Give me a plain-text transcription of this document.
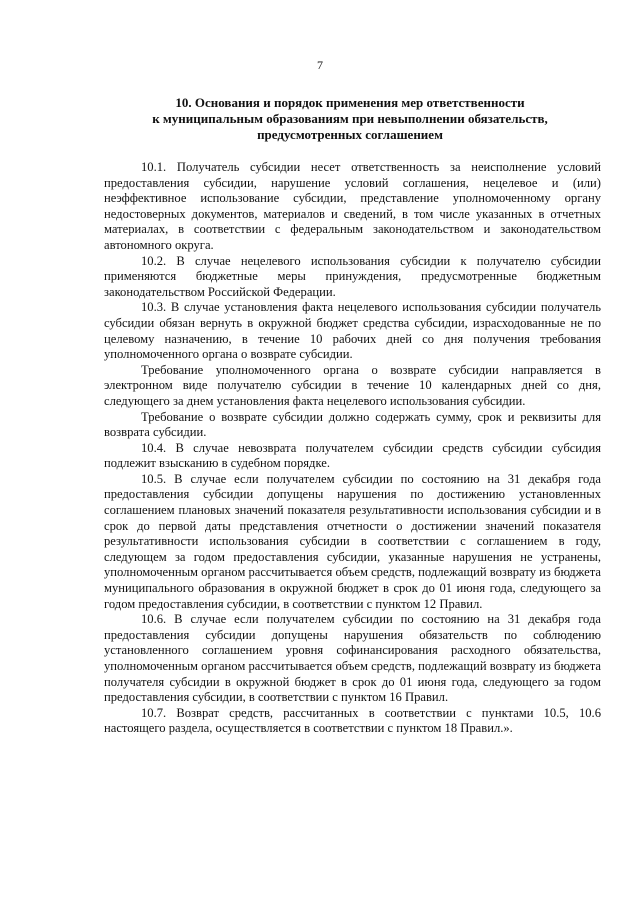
7
10. Основания и порядок применения мер ответственности
к муниципальным образованиям при невыполнении обязательств,
предусмотренных соглашением

10.1. Получатель субсидии несет ответственность за неисполнение условий предоставления субсидии, нарушение условий соглашения, нецелевое и (или) неэффективное использование субсидии, представление уполномоченному органу недостоверных документов, материалов и сведений, в том числе указанных в отчетных материалах, в соответствии с федеральным законодательством и законодательством автономного округа.

10.2. В случае нецелевого использования субсидии к получателю субсидии применяются бюджетные меры принуждения, предусмотренные бюджетным законодательством Российской Федерации.

10.3. В случае установления факта нецелевого использования субсидии получатель субсидии обязан вернуть в окружной бюджет средства субсидии, израсходованные не по целевому назначению, в течение 10 рабочих дней со дня получения требования уполномоченного органа о возврате субсидии.

Требование уполномоченного органа о возврате субсидии направляется в электронном виде получателю субсидии в течение 10 календарных дней со дня, следующего за днем установления факта нецелевого использования субсидии.

Требование о возврате субсидии должно содержать сумму, срок и реквизиты для возврата субсидии.

10.4. В случае невозврата получателем субсидии средств субсидии субсидия подлежит взысканию в судебном порядке.

10.5. В случае если получателем субсидии по состоянию на 31 декабря года предоставления субсидии допущены нарушения по достижению установленных соглашением плановых значений показателя результативности использования субсидии и в срок до первой даты представления отчетности о достижении значений показателя результативности использования субсидии в соответствии с соглашением в году, следующем за годом предоставления субсидии, указанные нарушения не устранены, уполномоченным органом рассчитывается объем средств, подлежащий возврату из бюджета муниципального образования в окружной бюджет в срок до 01 июня года, следующего за годом предоставления субсидии, в соответствии с пунктом 12 Правил.

10.6. В случае если получателем субсидии по состоянию на 31 декабря года предоставления субсидии допущены нарушения обязательств по соблюдению установленного соглашением уровня софинансирования расходного обязательства, уполномоченным органом рассчитывается объем средств, подлежащий возврату из бюджета получателя субсидии в окружной бюджет в срок до 01 июня года, следующего за годом предоставления субсидии, в соответствии с пунктом 16 Правил.

10.7. Возврат средств, рассчитанных в соответствии с пунктами 10.5, 10.6 настоящего раздела, осуществляется в соответствии с пунктом 18 Правил.».
